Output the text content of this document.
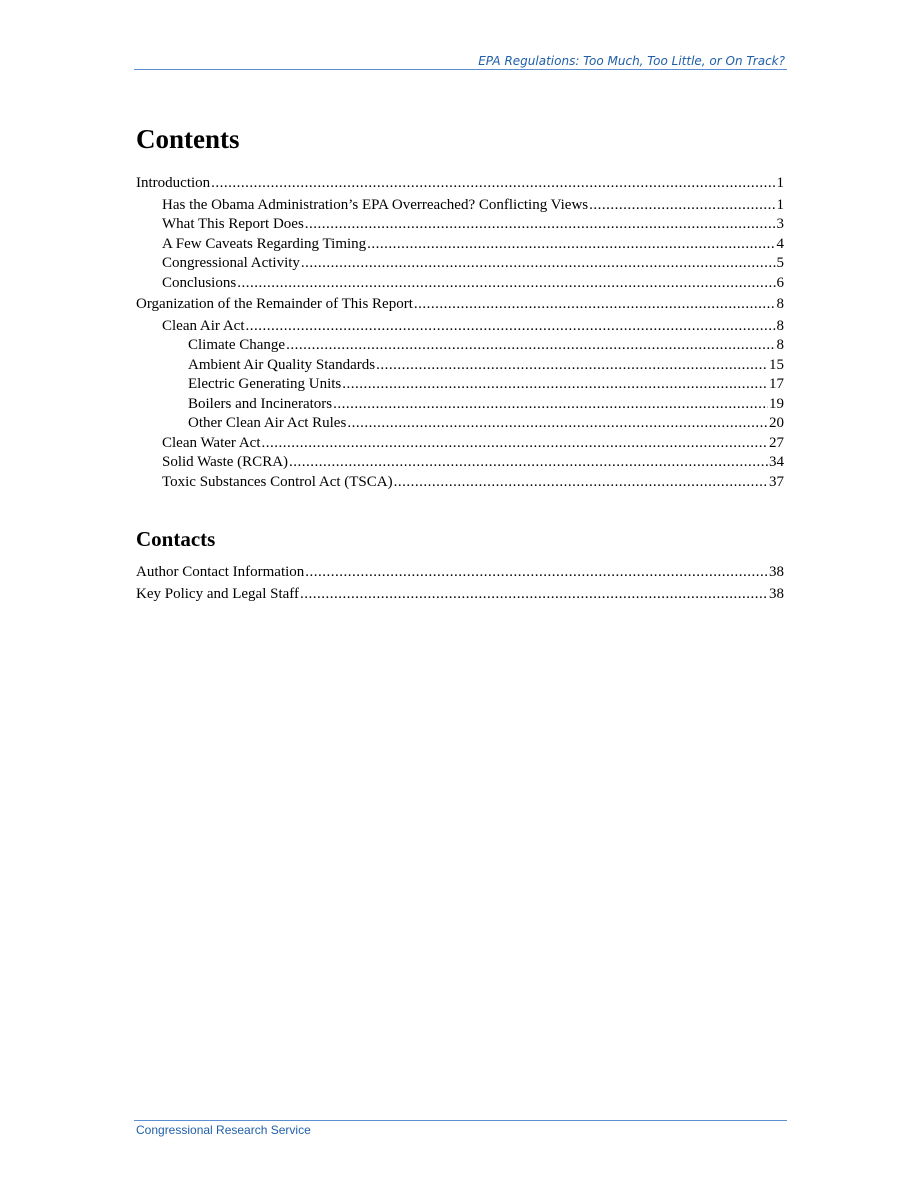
EPA Regulations: Too Much, Too Little, or On Track?
Contents
Introduction .....	1
Has the Obama Administration’s EPA Overreached? Conflicting Views .....	1
What This Report Does .....	3
A Few Caveats Regarding Timing .....	4
Congressional Activity .....	5
Conclusions .....	6
Organization of the Remainder of This Report .....	8
Clean Air Act .....	8
Climate Change .....	8
Ambient Air Quality Standards .....	15
Electric Generating Units .....	17
Boilers and Incinerators .....	19
Other Clean Air Act Rules .....	20
Clean Water Act .....	27
Solid Waste (RCRA) .....	34
Toxic Substances Control Act (TSCA) .....	37
Contacts
Author Contact Information .....	38
Key Policy and Legal Staff .....	38
Congressional Research Service
